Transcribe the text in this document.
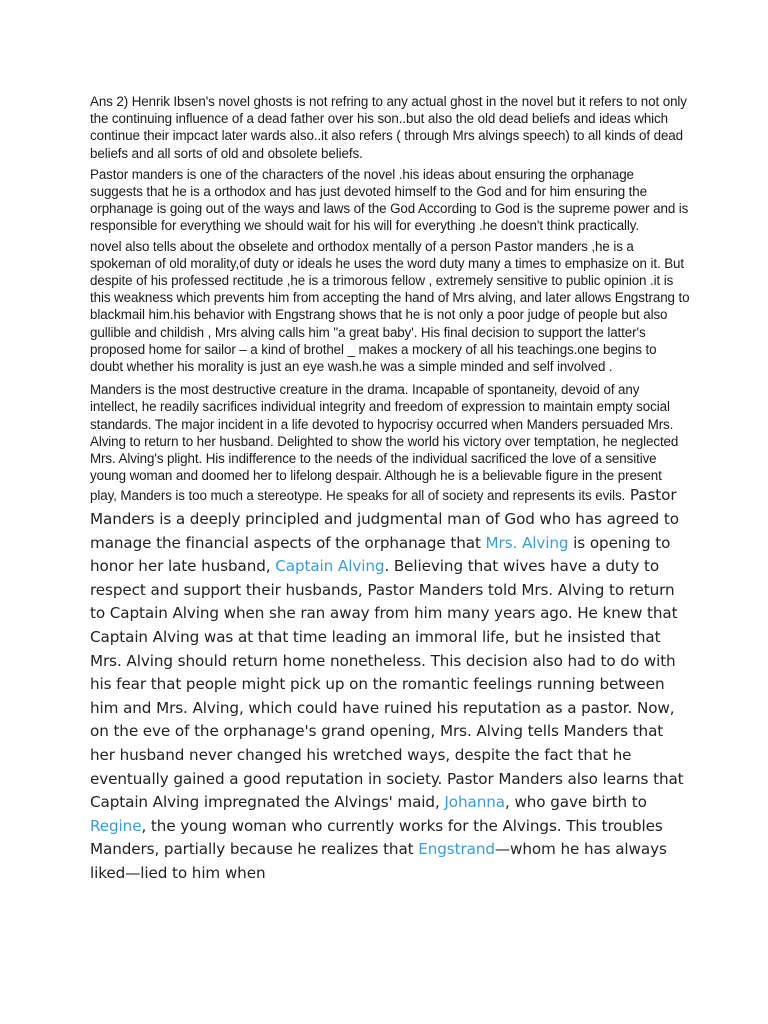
Ans 2) Henrik Ibsen's novel ghosts is not refring to any actual ghost in the novel but it refers to not only the continuing influence of a dead father over his son..but also the old dead beliefs and ideas which continue their impcact later wards also..it also refers ( through Mrs alvings speech) to all kinds of dead beliefs and all sorts of old and obsolete beliefs.

Pastor manders is one of the characters of the novel .his ideas about ensuring the orphanage suggests that he is a orthodox and has just devoted himself to the God and for him ensuring the orphanage is going out of the ways and laws of the God According to God is the supreme power and is responsible for everything we should wait for his will for everything .he doesn't think practically.

novel also tells about the obselete and orthodox mentally of a person Pastor manders ,he is a spokeman of old morality,of duty or ideals he uses the word duty many a times to emphasize on it. But despite of his professed rectitude ,he is a trimorous fellow , extremely sensitive to public opinion .it is this weakness which prevents him from accepting the hand of Mrs alving, and later allows Engstrang to blackmail him.his behavior with Engstrang shows that he is not only a poor judge of people but also gullible and childish , Mrs alving calls him "a great baby'. His final decision to support the latter's proposed home for sailor – a kind of brothel _ makes a mockery of all his teachings.one begins to doubt whether his morality is just an eye wash.he was a simple minded and self involved .

Manders is the most destructive creature in the drama. Incapable of spontaneity, devoid of any intellect, he readily sacrifices individual integrity and freedom of expression to maintain empty social standards. The major incident in a life devoted to hypocrisy occurred when Manders persuaded Mrs. Alving to return to her husband. Delighted to show the world his victory over temptation, he neglected Mrs. Alving's plight. His indifference to the needs of the individual sacrificed the love of a sensitive young woman and doomed her to lifelong despair. Although he is a believable figure in the present play, Manders is too much a stereotype. He speaks for all of society and represents its evils. Pastor Manders is a deeply principled and judgmental man of God who has agreed to manage the financial aspects of the orphanage that Mrs. Alving is opening to honor her late husband, Captain Alving. Believing that wives have a duty to respect and support their husbands, Pastor Manders told Mrs. Alving to return to Captain Alving when she ran away from him many years ago. He knew that Captain Alving was at that time leading an immoral life, but he insisted that Mrs. Alving should return home nonetheless. This decision also had to do with his fear that people might pick up on the romantic feelings running between him and Mrs. Alving, which could have ruined his reputation as a pastor. Now, on the eve of the orphanage's grand opening, Mrs. Alving tells Manders that her husband never changed his wretched ways, despite the fact that he eventually gained a good reputation in society. Pastor Manders also learns that Captain Alving impregnated the Alvings' maid, Johanna, who gave birth to Regine, the young woman who currently works for the Alvings. This troubles Manders, partially because he realizes that Engstrand—whom he has always liked—lied to him when
